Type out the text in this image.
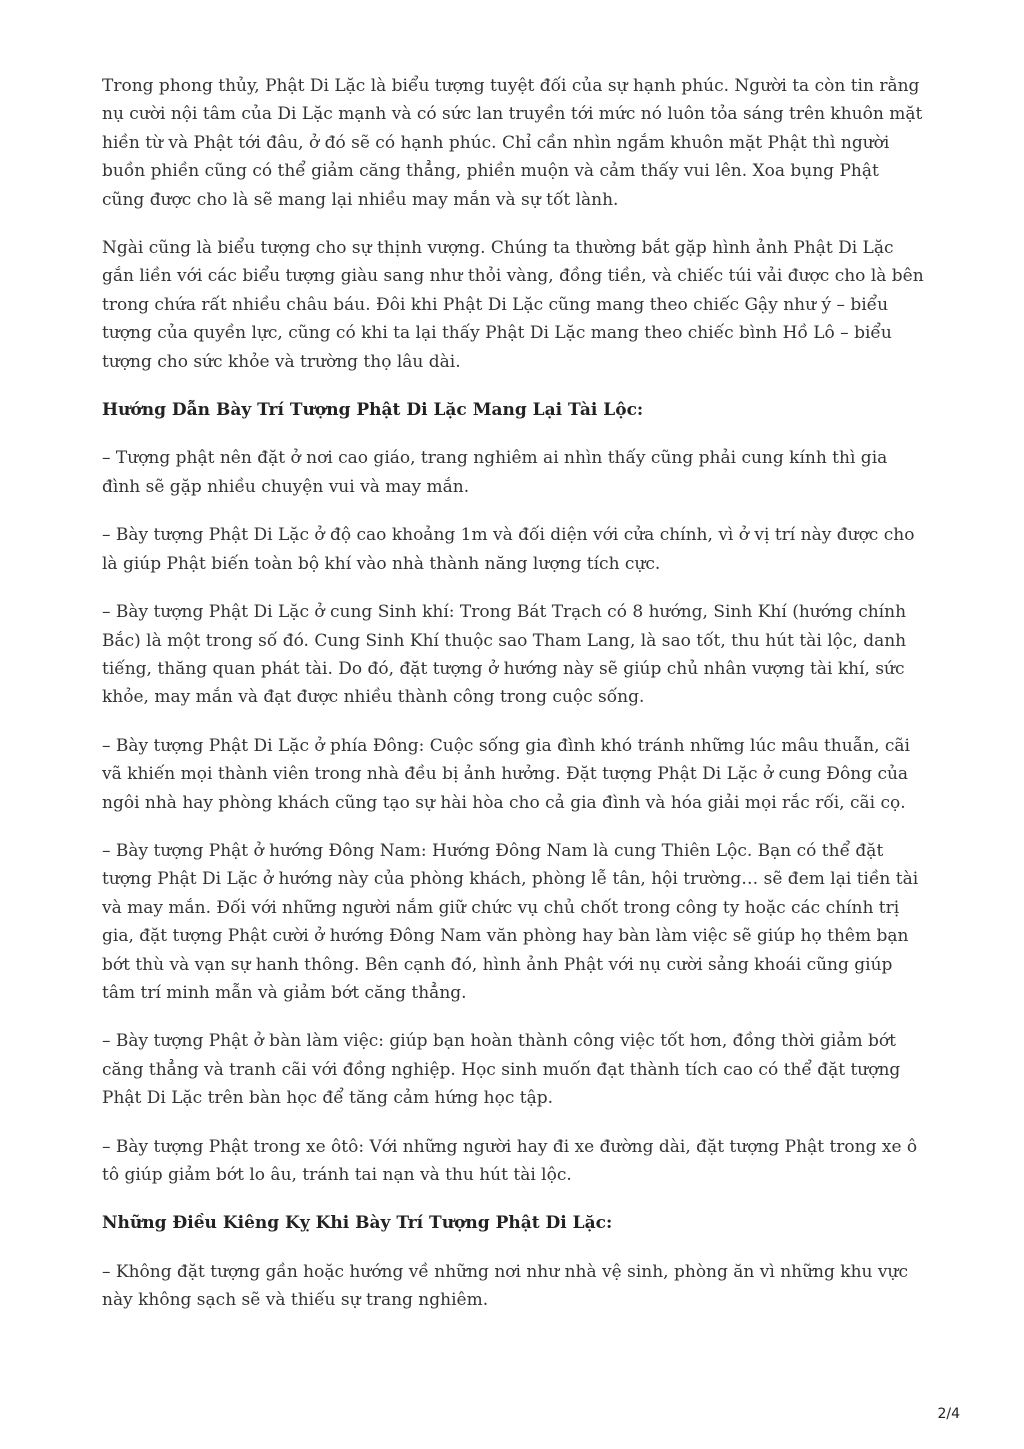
Trong phong thủy, Phật Di Lặc là biểu tượng tuyệt đối của sự hạnh phúc. Người ta còn tin rằng nụ cười nội tâm của Di Lặc mạnh và có sức lan truyền tới mức nó luôn tỏa sáng trên khuôn mặt hiền từ và Phật tới đâu, ở đó sẽ có hạnh phúc. Chỉ cần nhìn ngắm khuôn mặt Phật thì người buồn phiền cũng có thể giảm căng thẳng, phiền muộn và cảm thấy vui lên. Xoa bụng Phật cũng được cho là sẽ mang lại nhiều may mắn và sự tốt lành.

Ngài cũng là biểu tượng cho sự thịnh vượng. Chúng ta thường bắt gặp hình ảnh Phật Di Lặc gắn liền với các biểu tượng giàu sang như thỏi vàng, đồng tiền, và chiếc túi vải được cho là bên trong chứa rất nhiều châu báu. Đôi khi Phật Di Lặc cũng mang theo chiếc Gậy như ý – biểu tượng của quyền lực, cũng có khi ta lại thấy Phật Di Lặc mang theo chiếc bình Hồ Lô – biểu tượng cho sức khỏe và trường thọ lâu dài.

Hướng Dẫn Bày Trí Tượng Phật Di Lặc Mang Lại Tài Lộc:

– Tượng phật nên đặt ở nơi cao giáo, trang nghiêm ai nhìn thấy cũng phải cung kính thì gia đình sẽ gặp nhiều chuyện vui và may mắn.

– Bày tượng Phật Di Lặc ở độ cao khoảng 1m và đối diện với cửa chính, vì ở vị trí này được cho là giúp Phật biến toàn bộ khí vào nhà thành năng lượng tích cực.

– Bày tượng Phật Di Lặc ở cung Sinh khí: Trong Bát Trạch có 8 hướng, Sinh Khí (hướng chính Bắc) là một trong số đó. Cung Sinh Khí thuộc sao Tham Lang, là sao tốt, thu hút tài lộc, danh tiếng, thăng quan phát tài. Do đó, đặt tượng ở hướng này sẽ giúp chủ nhân vượng tài khí, sức khỏe, may mắn và đạt được nhiều thành công trong cuộc sống.

– Bày tượng Phật Di Lặc ở phía Đông: Cuộc sống gia đình khó tránh những lúc mâu thuẫn, cãi vã khiến mọi thành viên trong nhà đều bị ảnh hưởng. Đặt tượng Phật Di Lặc ở cung Đông của ngôi nhà hay phòng khách cũng tạo sự hài hòa cho cả gia đình và hóa giải mọi rắc rối, cãi cọ.

– Bày tượng Phật ở hướng Đông Nam: Hướng Đông Nam là cung Thiên Lộc. Bạn có thể đặt tượng Phật Di Lặc ở hướng này của phòng khách, phòng lễ tân, hội trường… sẽ đem lại tiền tài và may mắn. Đối với những người nắm giữ chức vụ chủ chốt trong công ty hoặc các chính trị gia, đặt tượng Phật cười ở hướng Đông Nam văn phòng hay bàn làm việc sẽ giúp họ thêm bạn bớt thù và vạn sự hanh thông. Bên cạnh đó, hình ảnh Phật với nụ cười sảng khoái cũng giúp tâm trí minh mẫn và giảm bớt căng thẳng.

– Bày tượng Phật ở bàn làm việc: giúp bạn hoàn thành công việc tốt hơn, đồng thời giảm bớt căng thẳng và tranh cãi với đồng nghiệp. Học sinh muốn đạt thành tích cao có thể đặt tượng Phật Di Lặc trên bàn học để tăng cảm hứng học tập.

– Bày tượng Phật trong xe ôtô: Với những người hay đi xe đường dài, đặt tượng Phật trong xe ô tô giúp giảm bớt lo âu, tránh tai nạn và thu hút tài lộc.

Những Điều Kiêng Kỵ Khi Bày Trí Tượng Phật Di Lặc:

– Không đặt tượng gần hoặc hướng về những nơi như nhà vệ sinh, phòng ăn vì những khu vực này không sạch sẽ và thiếu sự trang nghiêm.

2/4
